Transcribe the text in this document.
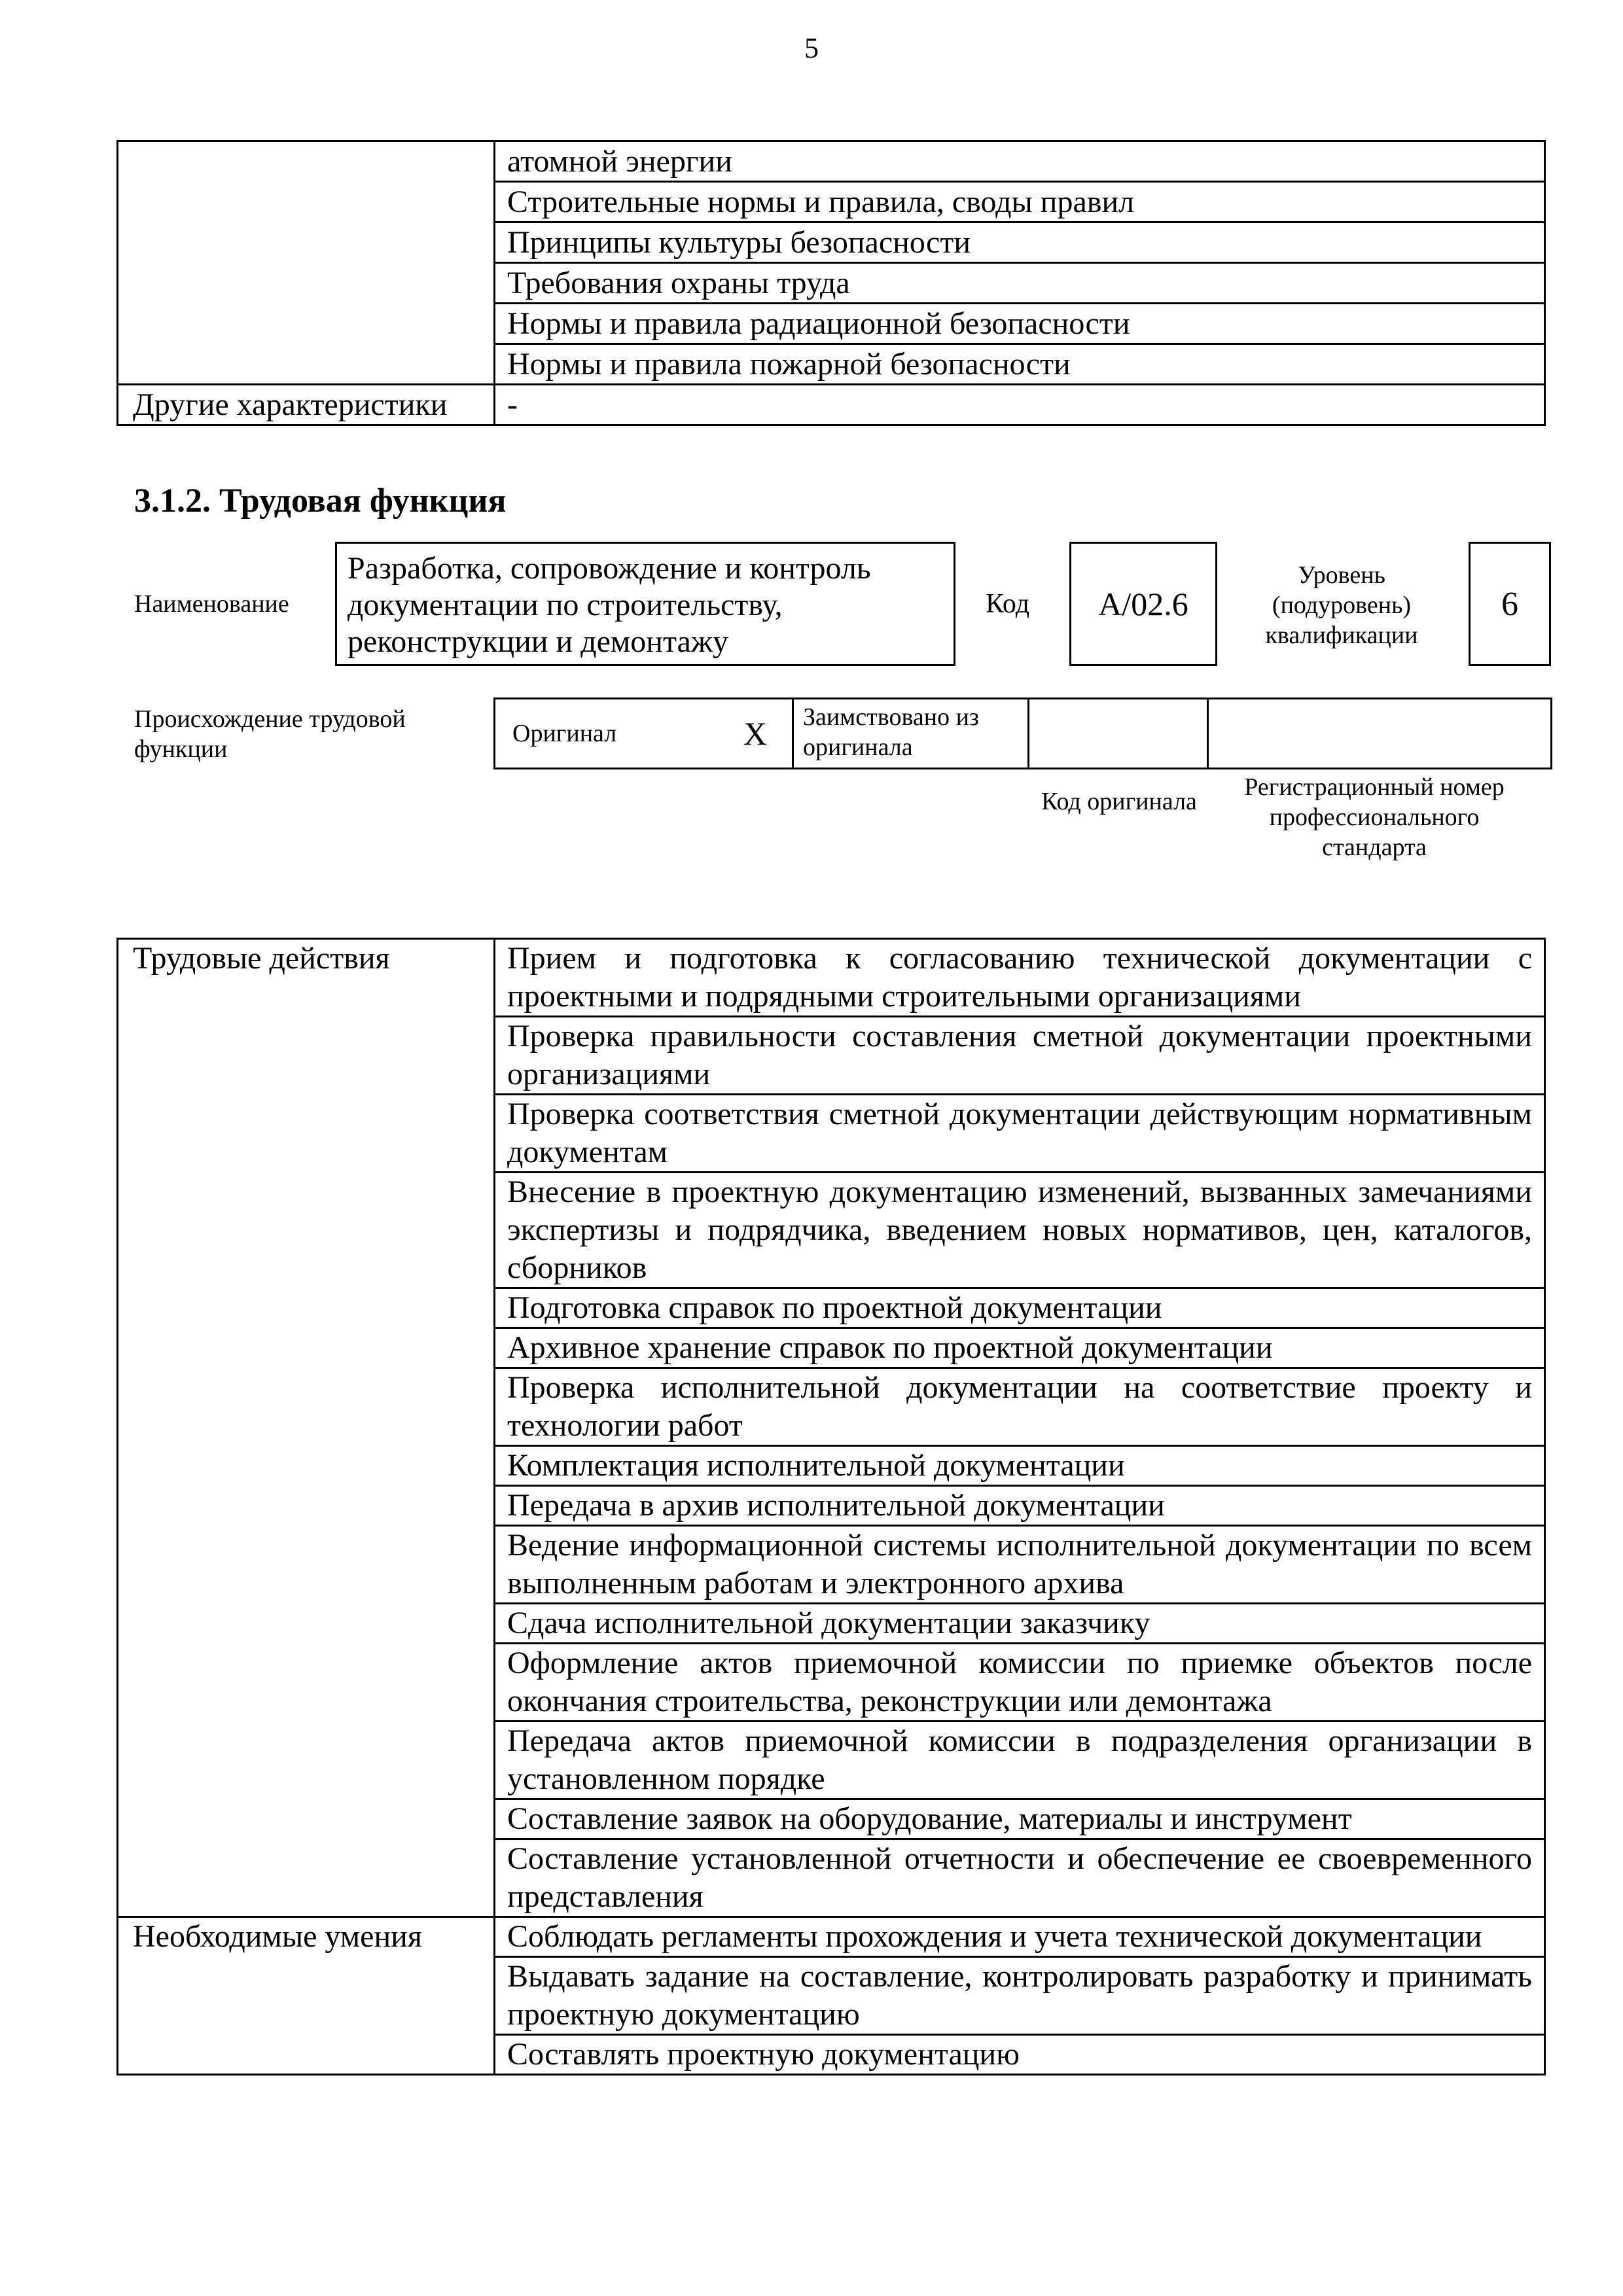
5
	атомной энергии
	Строительные нормы и правила, своды правил
	Принципы культуры безопасности
	Требования охраны труда
	Нормы и правила радиационной безопасности
	Нормы и правила пожарной безопасности
Другие характеристики	-
3.1.2. Трудовая функция
Наименование
Разработка, сопровождение и контроль документации по строительству, реконструкции и демонтажу
Код	А/02.6
Уровень (подуровень) квалификации
6
Происхождение трудовой функции
Оригинал	Х	Заимствовано из оригинала
Код оригинала
Регистрационный номер профессионального стандарта
Трудовые действия	Прием и подготовка к согласованию технической документации с проектными и подрядными строительными организациями
	Проверка правильности составления сметной документации проектными организациями
	Проверка соответствия сметной документации действующим нормативным документам
	Внесение в проектную документацию изменений, вызванных замечаниями экспертизы и подрядчика, введением новых нормативов, цен, каталогов, сборников
	Подготовка справок по проектной документации
	Архивное хранение справок по проектной документации
	Проверка исполнительной документации на соответствие проекту и технологии работ
	Комплектация исполнительной документации
	Передача в архив исполнительной документации
	Ведение информационной системы исполнительной документации по всем выполненным работам и электронного архива
	Сдача исполнительной документации заказчику
	Оформление актов приемочной комиссии по приемке объектов после окончания строительства, реконструкции или демонтажа
	Передача актов приемочной комиссии в подразделения организации в установленном порядке
	Составление заявок на оборудование, материалы и инструмент
	Составление установленной отчетности и обеспечение ее своевременного представления
Необходимые умения	Соблюдать регламенты прохождения и учета технической документации
	Выдавать задание на составление, контролировать разработку и принимать проектную документацию
	Составлять проектную документацию
